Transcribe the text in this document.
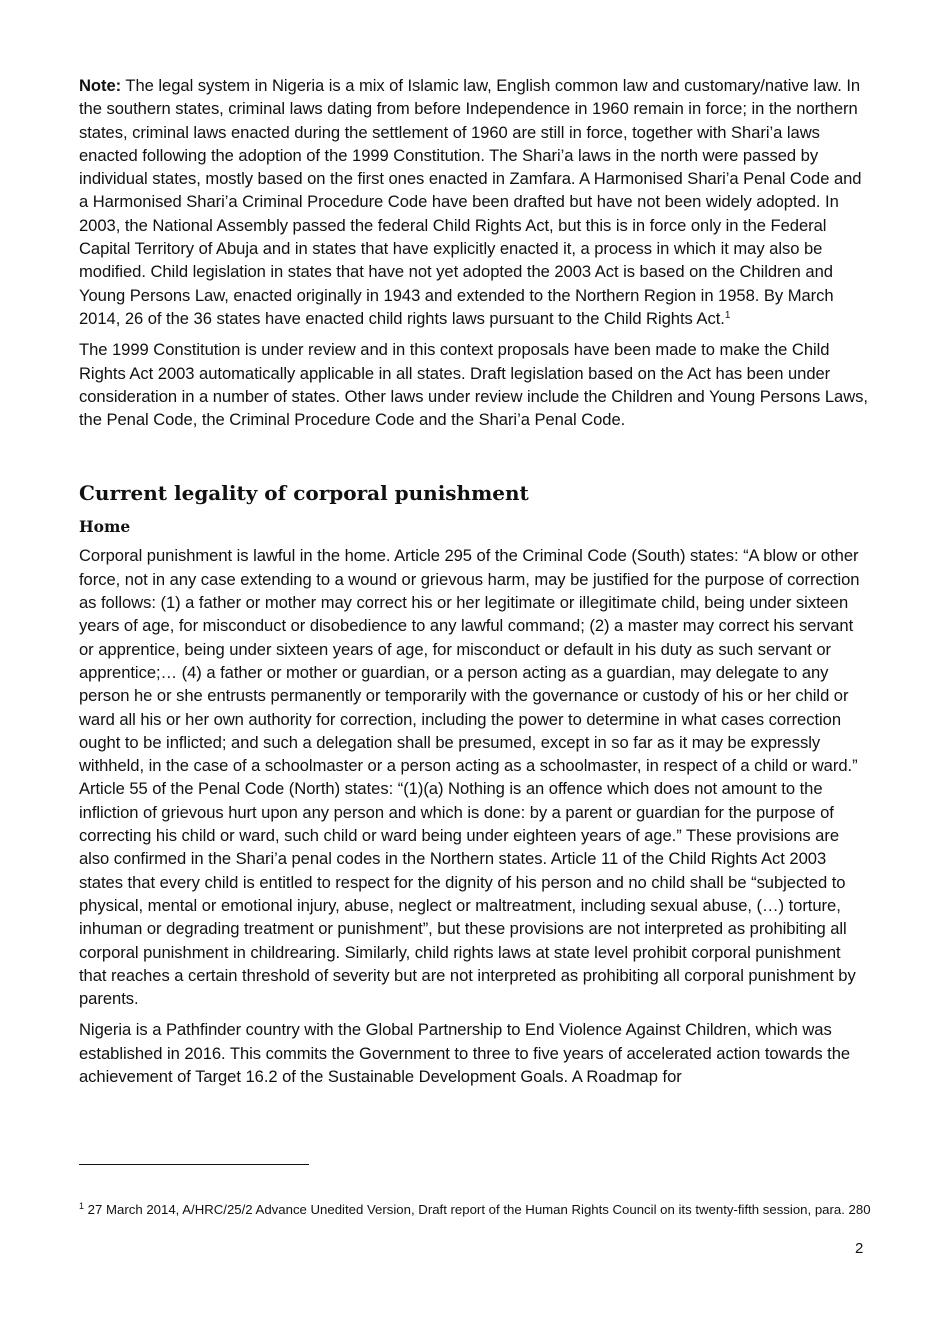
Note: The legal system in Nigeria is a mix of Islamic law, English common law and customary/native law. In the southern states, criminal laws dating from before Independence in 1960 remain in force; in the northern states, criminal laws enacted during the settlement of 1960 are still in force, together with Shari’a laws enacted following the adoption of the 1999 Constitution. The Shari’a laws in the north were passed by individual states, mostly based on the first ones enacted in Zamfara. A Harmonised Shari’a Penal Code and a Harmonised Shari’a Criminal Procedure Code have been drafted but have not been widely adopted. In 2003, the National Assembly passed the federal Child Rights Act, but this is in force only in the Federal Capital Territory of Abuja and in states that have explicitly enacted it, a process in which it may also be modified. Child legislation in states that have not yet adopted the 2003 Act is based on the Children and Young Persons Law, enacted originally in 1943 and extended to the Northern Region in 1958. By March 2014, 26 of the 36 states have enacted child rights laws pursuant to the Child Rights Act.$^1$

The 1999 Constitution is under review and in this context proposals have been made to make the Child Rights Act 2003 automatically applicable in all states. Draft legislation based on the Act has been under consideration in a number of states. Other laws under review include the Children and Young Persons Laws, the Penal Code, the Criminal Procedure Code and the Shari’a Penal Code.

Current legality of corporal punishment
Home

Corporal punishment is lawful in the home. Article 295 of the Criminal Code (South) states: “A blow or other force, not in any case extending to a wound or grievous harm, may be justified for the purpose of correction as follows: (1) a father or mother may correct his or her legitimate or illegitimate child, being under sixteen years of age, for misconduct or disobedience to any lawful command; (2) a master may correct his servant or apprentice, being under sixteen years of age, for misconduct or default in his duty as such servant or apprentice;… (4) a father or mother or guardian, or a person acting as a guardian, may delegate to any person he or she entrusts permanently or temporarily with the governance or custody of his or her child or ward all his or her own authority for correction, including the power to determine in what cases correction ought to be inflicted; and such a delegation shall be presumed, except in so far as it may be expressly withheld, in the case of a schoolmaster or a person acting as a schoolmaster, in respect of a child or ward.” Article 55 of the Penal Code (North) states: “(1)(a) Nothing is an offence which does not amount to the infliction of grievous hurt upon any person and which is done: by a parent or guardian for the purpose of correcting his child or ward, such child or ward being under eighteen years of age.” These provisions are also confirmed in the Shari’a penal codes in the Northern states. Article 11 of the Child Rights Act 2003 states that every child is entitled to respect for the dignity of his person and no child shall be “subjected to physical, mental or emotional injury, abuse, neglect or maltreatment, including sexual abuse, (…) torture, inhuman or degrading treatment or punishment”, but these provisions are not interpreted as prohibiting all corporal punishment in childrearing. Similarly, child rights laws at state level prohibit corporal punishment that reaches a certain threshold of severity but are not interpreted as prohibiting all corporal punishment by parents.

Nigeria is a Pathfinder country with the Global Partnership to End Violence Against Children, which was established in 2016. This commits the Government to three to five years of accelerated action towards the achievement of Target 16.2 of the Sustainable Development Goals. A Roadmap for

$^1$ 27 March 2014, A/HRC/25/2 Advance Unedited Version, Draft report of the Human Rights Council on its twenty-fifth session, para. 280
2
